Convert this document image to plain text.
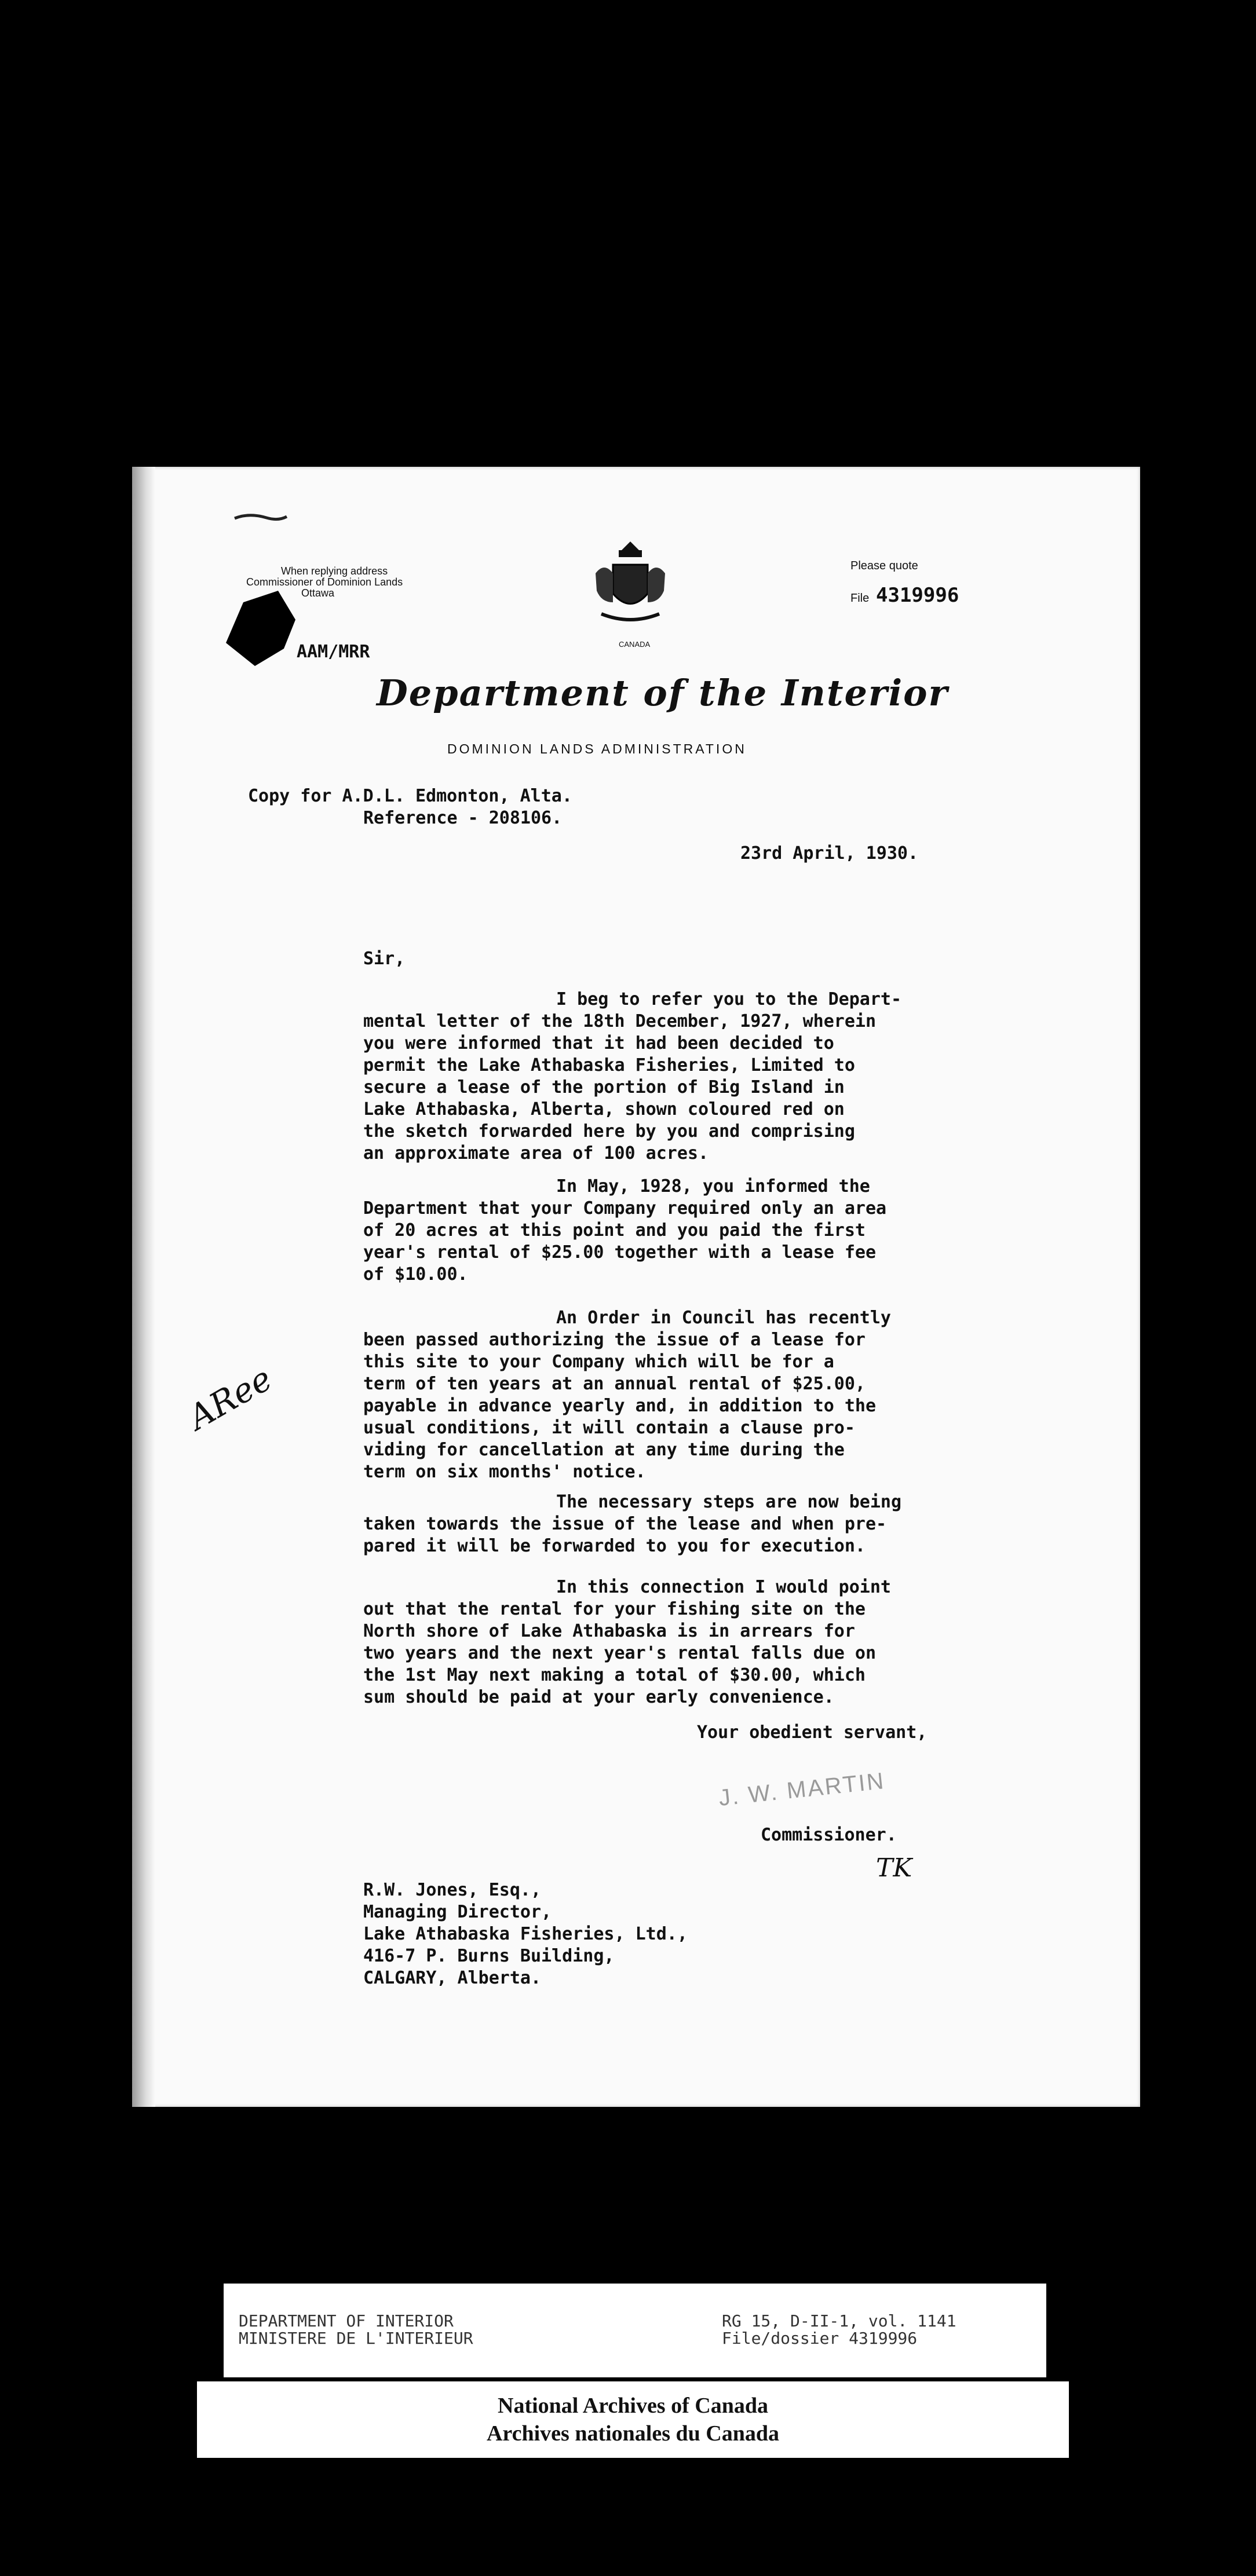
When replying address
Commissioner of Dominion Lands
Ottawa
AAM/MRR	CANADA
Please quote
File 4319996
Department of the Interior
DOMINION LANDS ADMINISTRATION
Copy for A.D.L. Edmonton, Alta.
Reference - 208106.
23rd April, 1930.
Sir,
I beg to refer you to the Depart-
mental letter of the 18th December, 1927, wherein
you were informed that it had been decided to
permit the Lake Athabaska Fisheries, Limited to
secure a lease of the portion of Big Island in
Lake Athabaska, Alberta, shown coloured red on
the sketch forwarded here by you and comprising
an approximate area of 100 acres.
In May, 1928, you informed the
Department that your Company required only an area
of 20 acres at this point and you paid the first
year's rental of $25.00 together with a lease fee
of $10.00.
An Order in Council has recently
been passed authorizing the issue of a lease for
this site to your Company which will be for a
term of ten years at an annual rental of $25.00,
payable in advance yearly and, in addition to the
usual conditions, it will contain a clause pro-
viding for cancellation at any time during the
term on six months' notice.
The necessary steps are now being
taken towards the issue of the lease and when pre-
pared it will be forwarded to you for execution.
In this connection I would point
out that the rental for your fishing site on the
North shore of Lake Athabaska is in arrears for
two years and the next year's rental falls due on
the 1st May next making a total of $30.00, which
sum should be paid at your early convenience.
Your obedient servant,
J. W. MARTIN
Commissioner.
TK
ARee
R.W. Jones, Esq.,
Managing Director,
Lake Athabaska Fisheries, Ltd.,
416-7 P. Burns Building,
CALGARY, Alberta.
DEPARTMENT OF INTERIOR
MINISTERE DE L'INTERIEUR
RG 15, D-II-1, vol. 1141
File/dossier 4319996
National Archives of Canada
Archives nationales du Canada
